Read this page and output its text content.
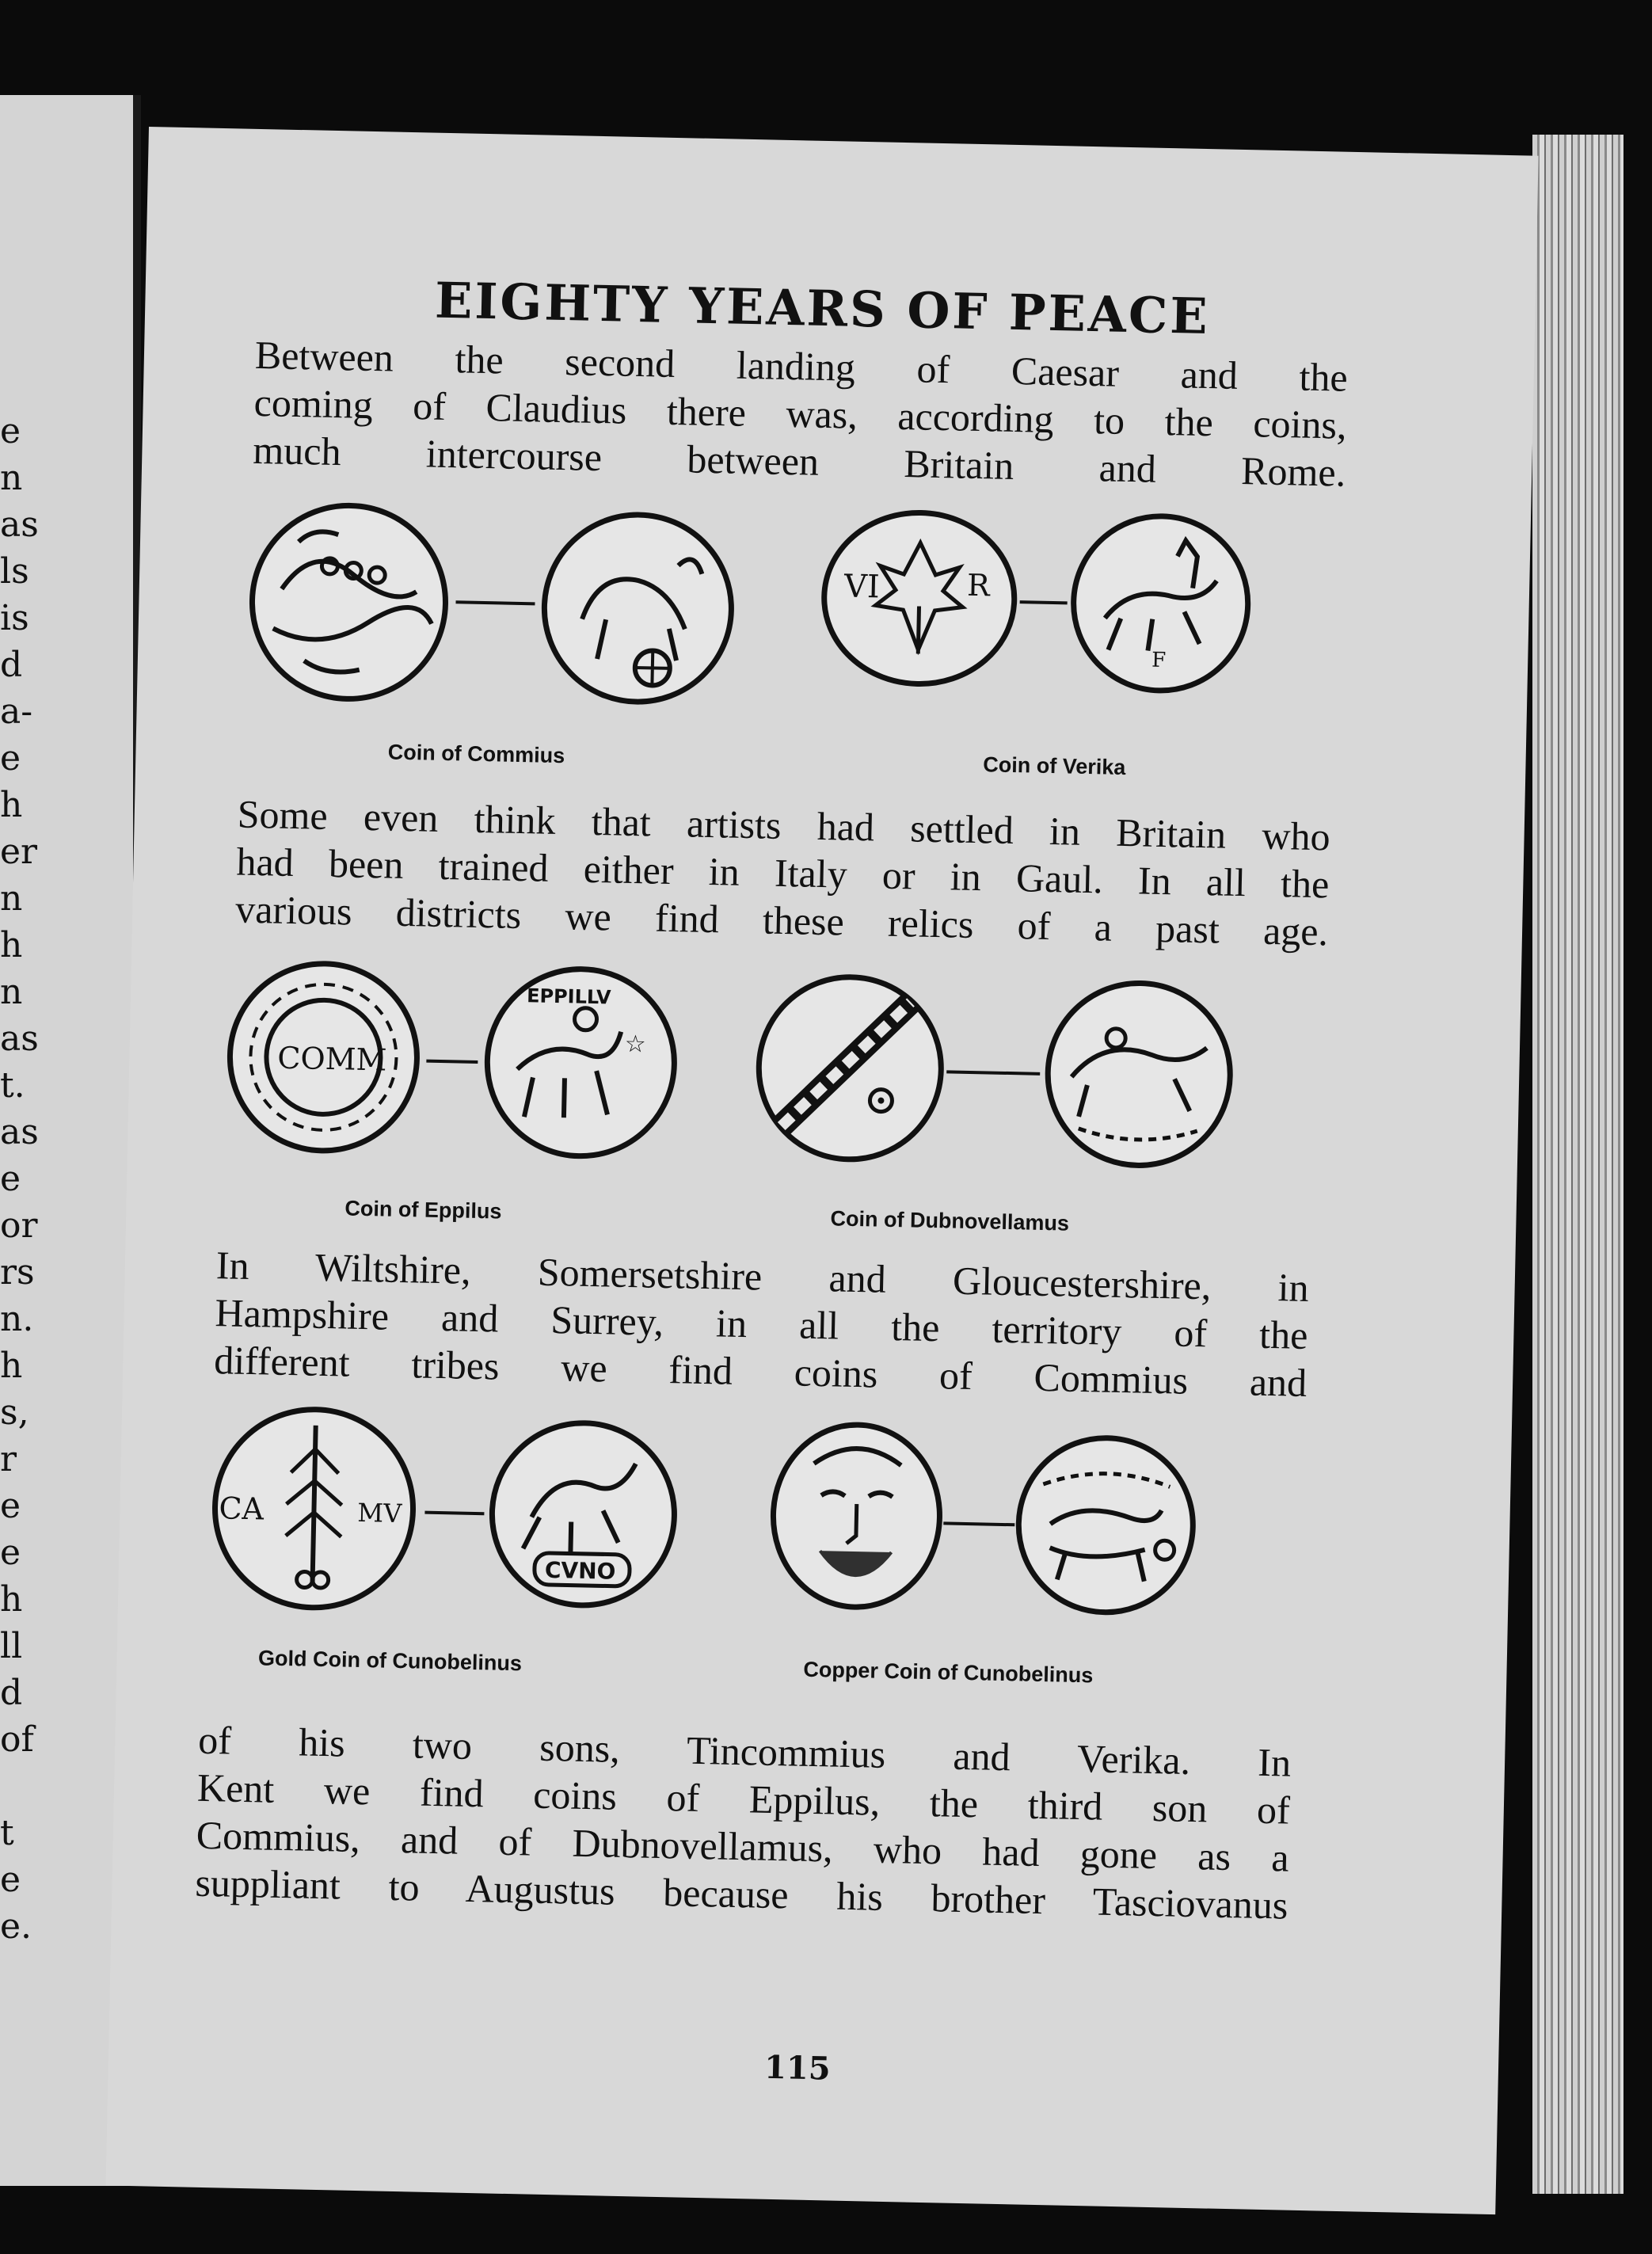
e
n
as
ls
is
d
a-
e
h
er
n
h
n
as
t.
as
e
or
rs
n.
h
s,
r
e
e
h
ll
d
of
t
e
e.
EIGHTY YEARS OF PEACE
Between the second landing of Caesar and the
coming of Claudius there was, according to the coins,
much intercourse between Britain and Rome.
VI	R
F
Coin of Commius	Coin of Verika
Some even think that artists had settled in Britain who
had been trained either in Italy or in Gaul. In all the
various districts we find these relics of a past age.
COMM
EPPILLV
☆
Coin of Eppilus	Coin of Dubnovellamus
In Wiltshire, Somersetshire and Gloucestershire, in
Hampshire and Surrey, in all the territory of the
different tribes we find coins of Commius and
CA	MV
CVNO
Gold Coin of Cunobelinus	Copper Coin of Cunobelinus
of his two sons, Tincommius and Verika. In
Kent we find coins of Eppilus, the third son of
Commius, and of Dubnovellamus, who had gone as a
suppliant to Augustus because his brother Tasciovanus
115
